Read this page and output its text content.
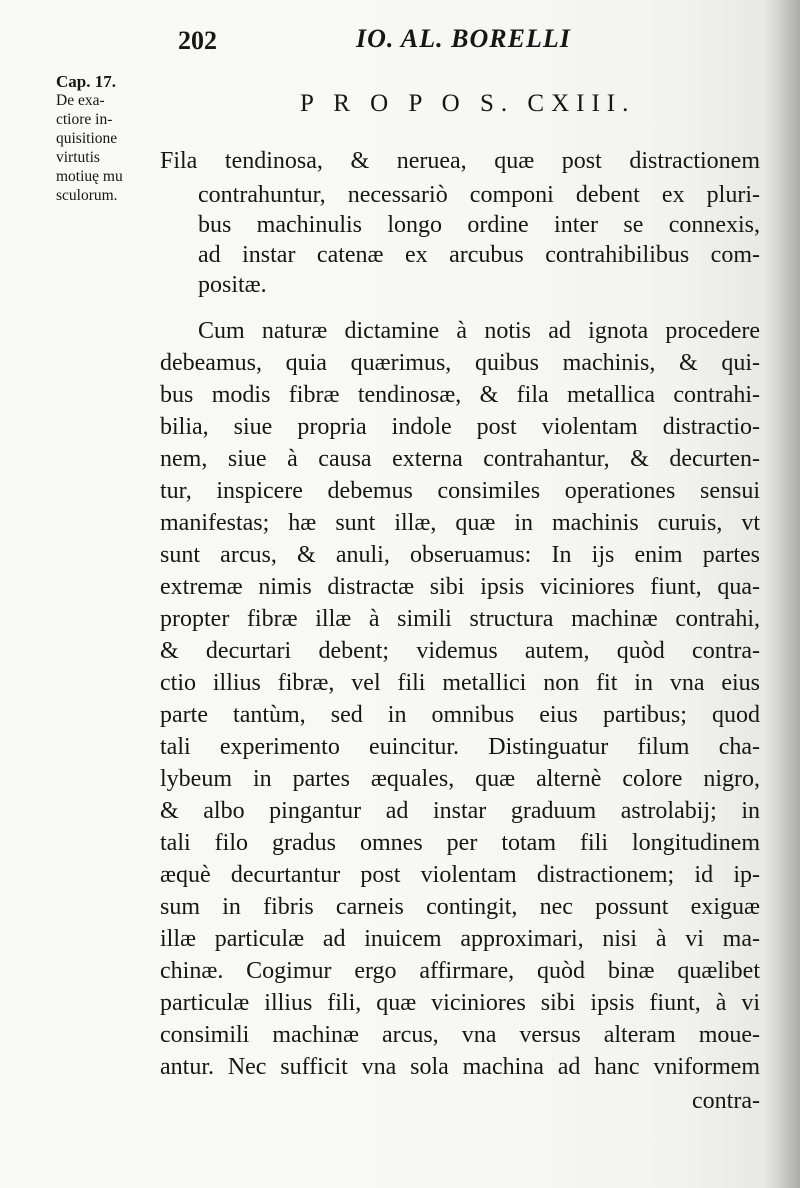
202	IO. AL. BORELLI
Cap. 17.
De exa-
ctiore in-
quisitione
virtutis
motiuę mu
sculorum.
P R O P O S. CXIII.
Fila tendinosa, & neruea, quæ post distractionem
contrahuntur, necessariò componi debent ex pluri-
bus machinulis longo ordine inter se connexis,
ad instar catenæ ex arcubus contrahibilibus com-
positæ.
Cum naturæ dictamine à notis ad ignota procedere
debeamus, quia quærimus, quibus machinis, & qui-
bus modis fibræ tendinosæ, & fila metallica contrahi-
bilia, siue propria indole post violentam distractio-
nem, siue à causa externa contrahantur, & decurten-
tur, inspicere debemus consimiles operationes sensui
manifestas; hæ sunt illæ, quæ in machinis curuis, vt
sunt arcus, & anuli, obseruamus: In ijs enim partes
extremæ nimis distractæ sibi ipsis viciniores fiunt, qua-
propter fibræ illæ à simili structura machinæ contrahi,
& decurtari debent; videmus autem, quòd contra-
ctio illius fibræ, vel fili metallici non fit in vna eius
parte tantùm, sed in omnibus eius partibus; quod
tali experimento euincitur. Distinguatur filum cha-
lybeum in partes æquales, quæ alternè colore nigro,
& albo pingantur ad instar graduum astrolabij; in
tali filo gradus omnes per totam fili longitudinem
æquè decurtantur post violentam distractionem; id ip-
sum in fibris carneis contingit, nec possunt exiguæ
illæ particulæ ad inuicem approximari, nisi à vi ma-
chinæ. Cogimur ergo affirmare, quòd binæ quælibet
particulæ illius fili, quæ viciniores sibi ipsis fiunt, à vi
consimili machinæ arcus, vna versus alteram moue-
antur. Nec sufficit vna sola machina ad hanc vniformem
contra-
